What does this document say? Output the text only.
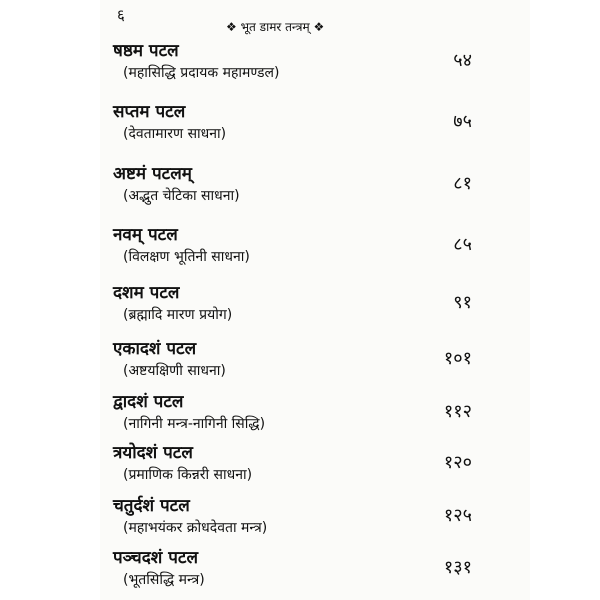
६
❖ भूत डामर तन्त्रम् ❖
षष्ठम पटल
(महासिद्धि प्रदायक महामण्डल)
५४
सप्तम पटल
(देवतामारण साधना)
७५
अष्टमं पटलम्
(अद्भुत चेटिका साधना)
८१
नवम् पटल
(विलक्षण भूतिनी साधना)
८५
दशम पटल
(ब्रह्मादि मारण प्रयोग)
९१
एकादशं पटल
(अष्टयक्षिणी साधना)
१०१
द्वादशं पटल
(नागिनी मन्त्र-नागिनी सिद्धि)
११२
त्रयोदशं पटल
(प्रमाणिक किन्नरी साधना)
१२०
चतुर्दशं पटल
(महाभयंकर क्रोधदेवता मन्त्र)
१२५
पञ्चदशं पटल
(भूतसिद्धि मन्त्र)
१३१
